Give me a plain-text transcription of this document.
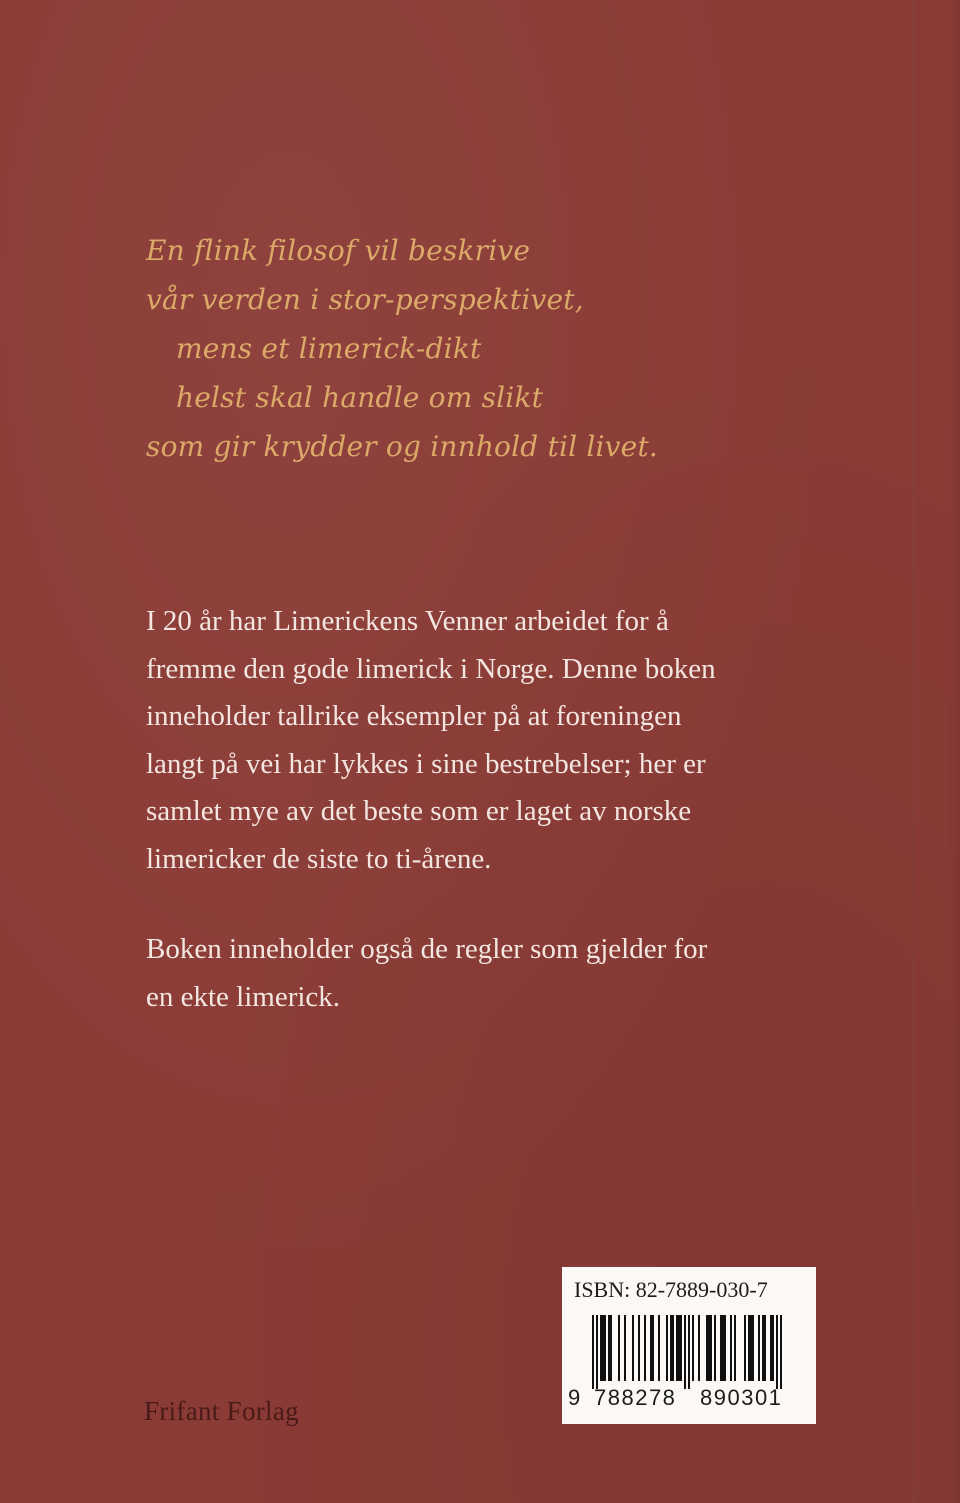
En flink filosof vil beskrive
vår verden i stor-perspektivet,
mens et limerick-dikt
helst skal handle om slikt
som gir krydder og innhold til livet.
I 20 år har Limerickens Venner arbeidet for å
fremme den gode limerick i Norge. Denne boken
inneholder tallrike eksempler på at foreningen
langt på vei har lykkes i sine bestrebelser; her er
samlet mye av det beste som er laget av norske
limericker de siste to ti-årene.
Boken inneholder også de regler som gjelder for
en ekte limerick.
Frifant Forlag
ISBN: 82-7889-030-7
9 788278 890301
